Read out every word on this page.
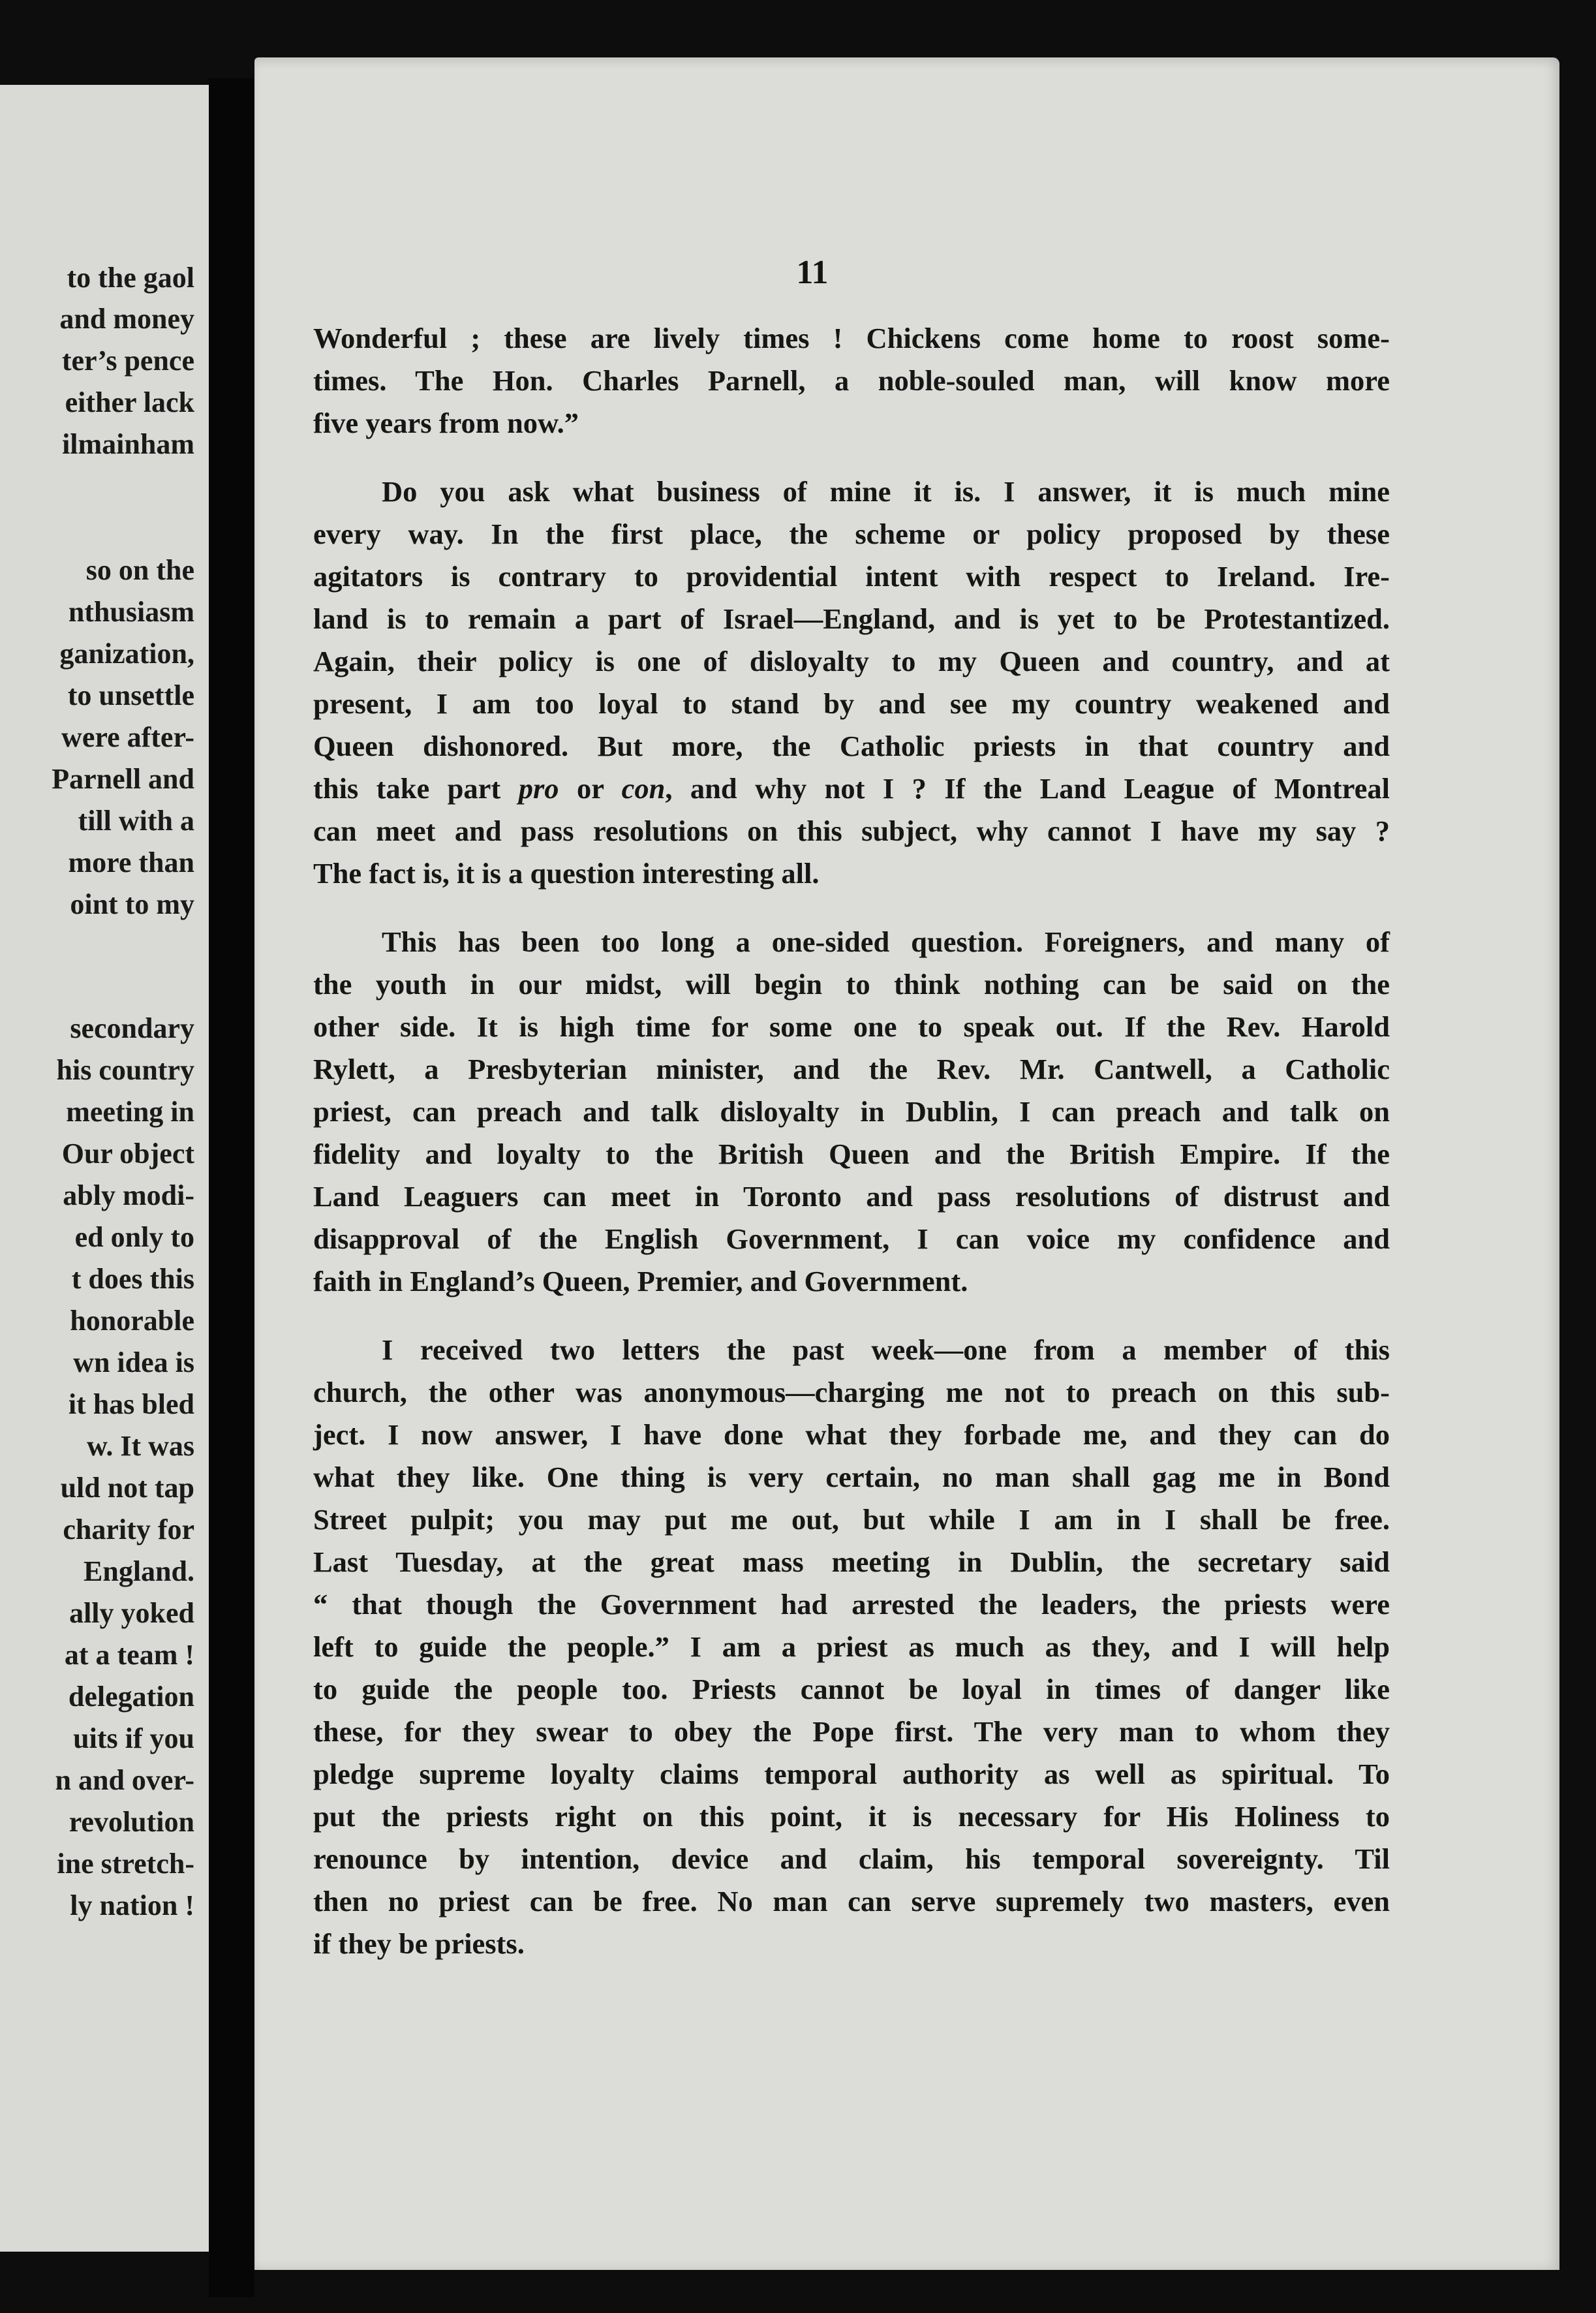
to the gaol
and money
ter’s pence
either lack
ilmainham
so on the
nthusiasm
ganization,
to unsettle
were after-
Parnell and
till with a
more than
oint to my
secondary
his country
meeting in
Our object
ably modi-
ed only to
t does this
honorable
wn idea is
it has bled
w. It was
uld not tap
charity for
England.
ally yoked
at a team !
delegation
uits if you
n and over-
revolution
ine stretch-
ly nation !
11
Wonderful ; these are lively times ! Chickens come home to roost some-
times. The Hon. Charles Parnell, a noble-souled man, will know more
five years from now.”
Do you ask what business of mine it is. I answer, it is much mine
every way. In the first place, the scheme or policy proposed by these
agitators is contrary to providential intent with respect to Ireland. Ire-
land is to remain a part of Israel—England, and is yet to be Protestantized.
Again, their policy is one of disloyalty to my Queen and country, and at
present, I am too loyal to stand by and see my country weakened and
Queen dishonored. But more, the Catholic priests in that country and
this take part pro or con, and why not I ? If the Land League of Montreal
can meet and pass resolutions on this subject, why cannot I have my say ?
The fact is, it is a question interesting all.
This has been too long a one-sided question. Foreigners, and many of
the youth in our midst, will begin to think nothing can be said on the
other side. It is high time for some one to speak out. If the Rev. Harold
Rylett, a Presbyterian minister, and the Rev. Mr. Cantwell, a Catholic
priest, can preach and talk disloyalty in Dublin, I can preach and talk on
fidelity and loyalty to the British Queen and the British Empire. If the
Land Leaguers can meet in Toronto and pass resolutions of distrust and
disapproval of the English Government, I can voice my confidence and
faith in England’s Queen, Premier, and Government.
I received two letters the past week—one from a member of this
church, the other was anonymous—charging me not to preach on this sub-
ject. I now answer, I have done what they forbade me, and they can do
what they like. One thing is very certain, no man shall gag me in Bond
Street pulpit; you may put me out, but while I am in I shall be free.
Last Tuesday, at the great mass meeting in Dublin, the secretary said
“ that though the Government had arrested the leaders, the priests were
left to guide the people.” I am a priest as much as they, and I will help
to guide the people too. Priests cannot be loyal in times of danger like
these, for they swear to obey the Pope first. The very man to whom they
pledge supreme loyalty claims temporal authority as well as spiritual. To
put the priests right on this point, it is necessary for His Holiness to
renounce by intention, device and claim, his temporal sovereignty. Til
then no priest can be free. No man can serve supremely two masters, even
if they be priests.
